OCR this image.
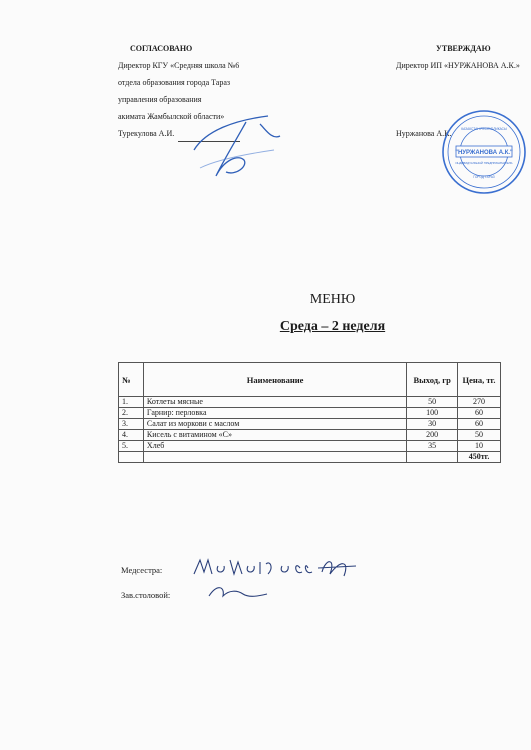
СОГЛАСОВАНО
Директор КГУ «Средняя школа №6
отдела образования города Тараз
управления образования
акимата Жамбылской области»
Турекулова А.И.
УТВЕРЖДАЮ
Директор ИП «НУРЖАНОВА А.К.»
Нуржанова А.К.
"НУРЖАНОВА А.К."
КАЗАКСТАН РЕСПУБЛИКАСЫ
ИНДИВИДУАЛЬНЫЙ ПРЕДПРИНИМАТЕЛЬ
ГОРОД ТАРАЗ
МЕНЮ
Среда – 2 неделя
№	Наименование	Выход, гр	Цена, тг.
1.	Котлеты мясные	50	270
2.	Гарнир: перловка	100	60
3.	Салат из моркови с маслом	30	60
4.	Кисель с витамином «С»	200	50
5.	Хлеб	35	10
			450тг.
Медсестра:
Зав.столовой:
